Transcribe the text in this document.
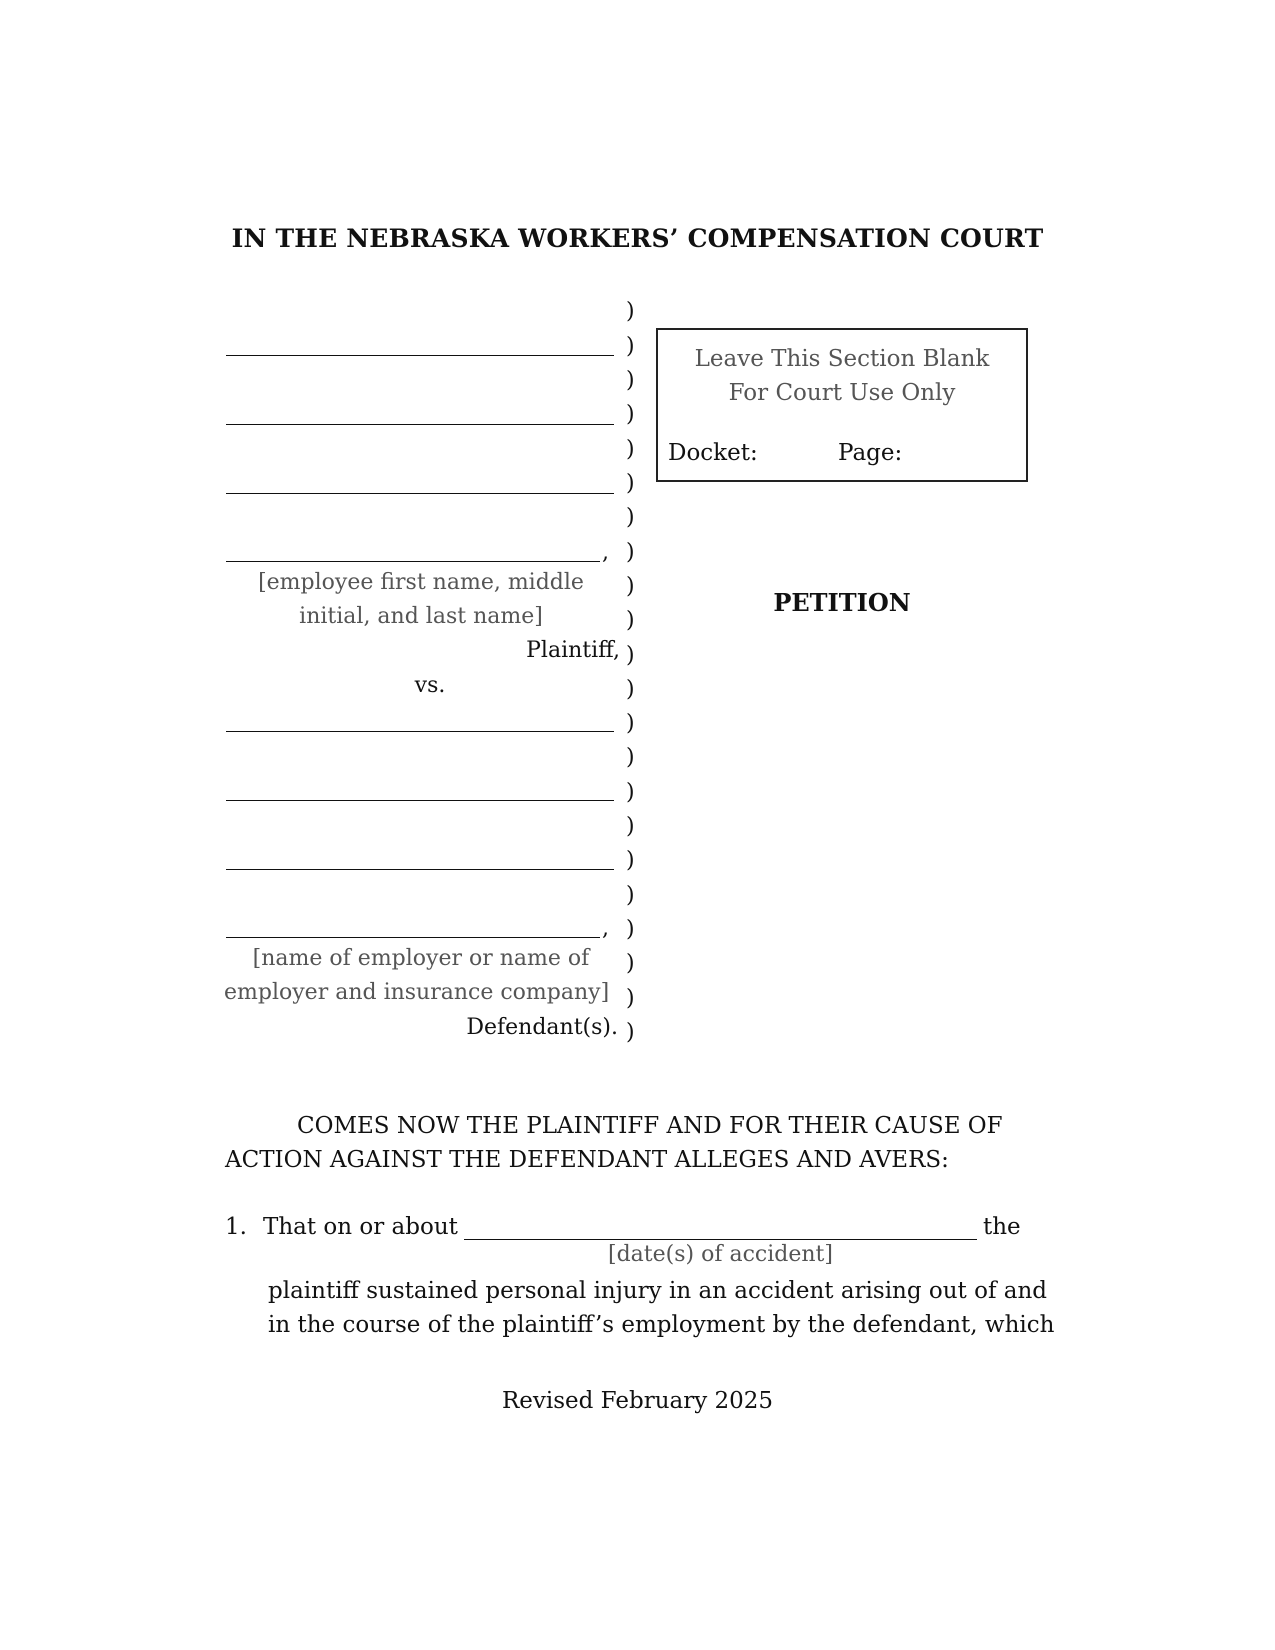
IN THE NEBRASKA WORKERS’ COMPENSATION COURT
)
)
)
)
)
)
)
)
)
)
)
)
)
)
)
)
)
)
)
)
)
)
,
[employee first name, middle
initial, and last name]
Plaintiff,
vs.
,
[name of employer or name of
employer and insurance company]
Defendant(s).
Leave This Section Blank
For Court Use Only
Docket:	Page:
PETITION
COMES NOW THE PLAINTIFF AND FOR THEIR CAUSE OF
ACTION AGAINST THE DEFENDANT ALLEGES AND AVERS:
1. That on or about	the
[date(s) of accident]
plaintiff sustained personal injury in an accident arising out of and
in the course of the plaintiff’s employment by the defendant, which
Revised February 2025
